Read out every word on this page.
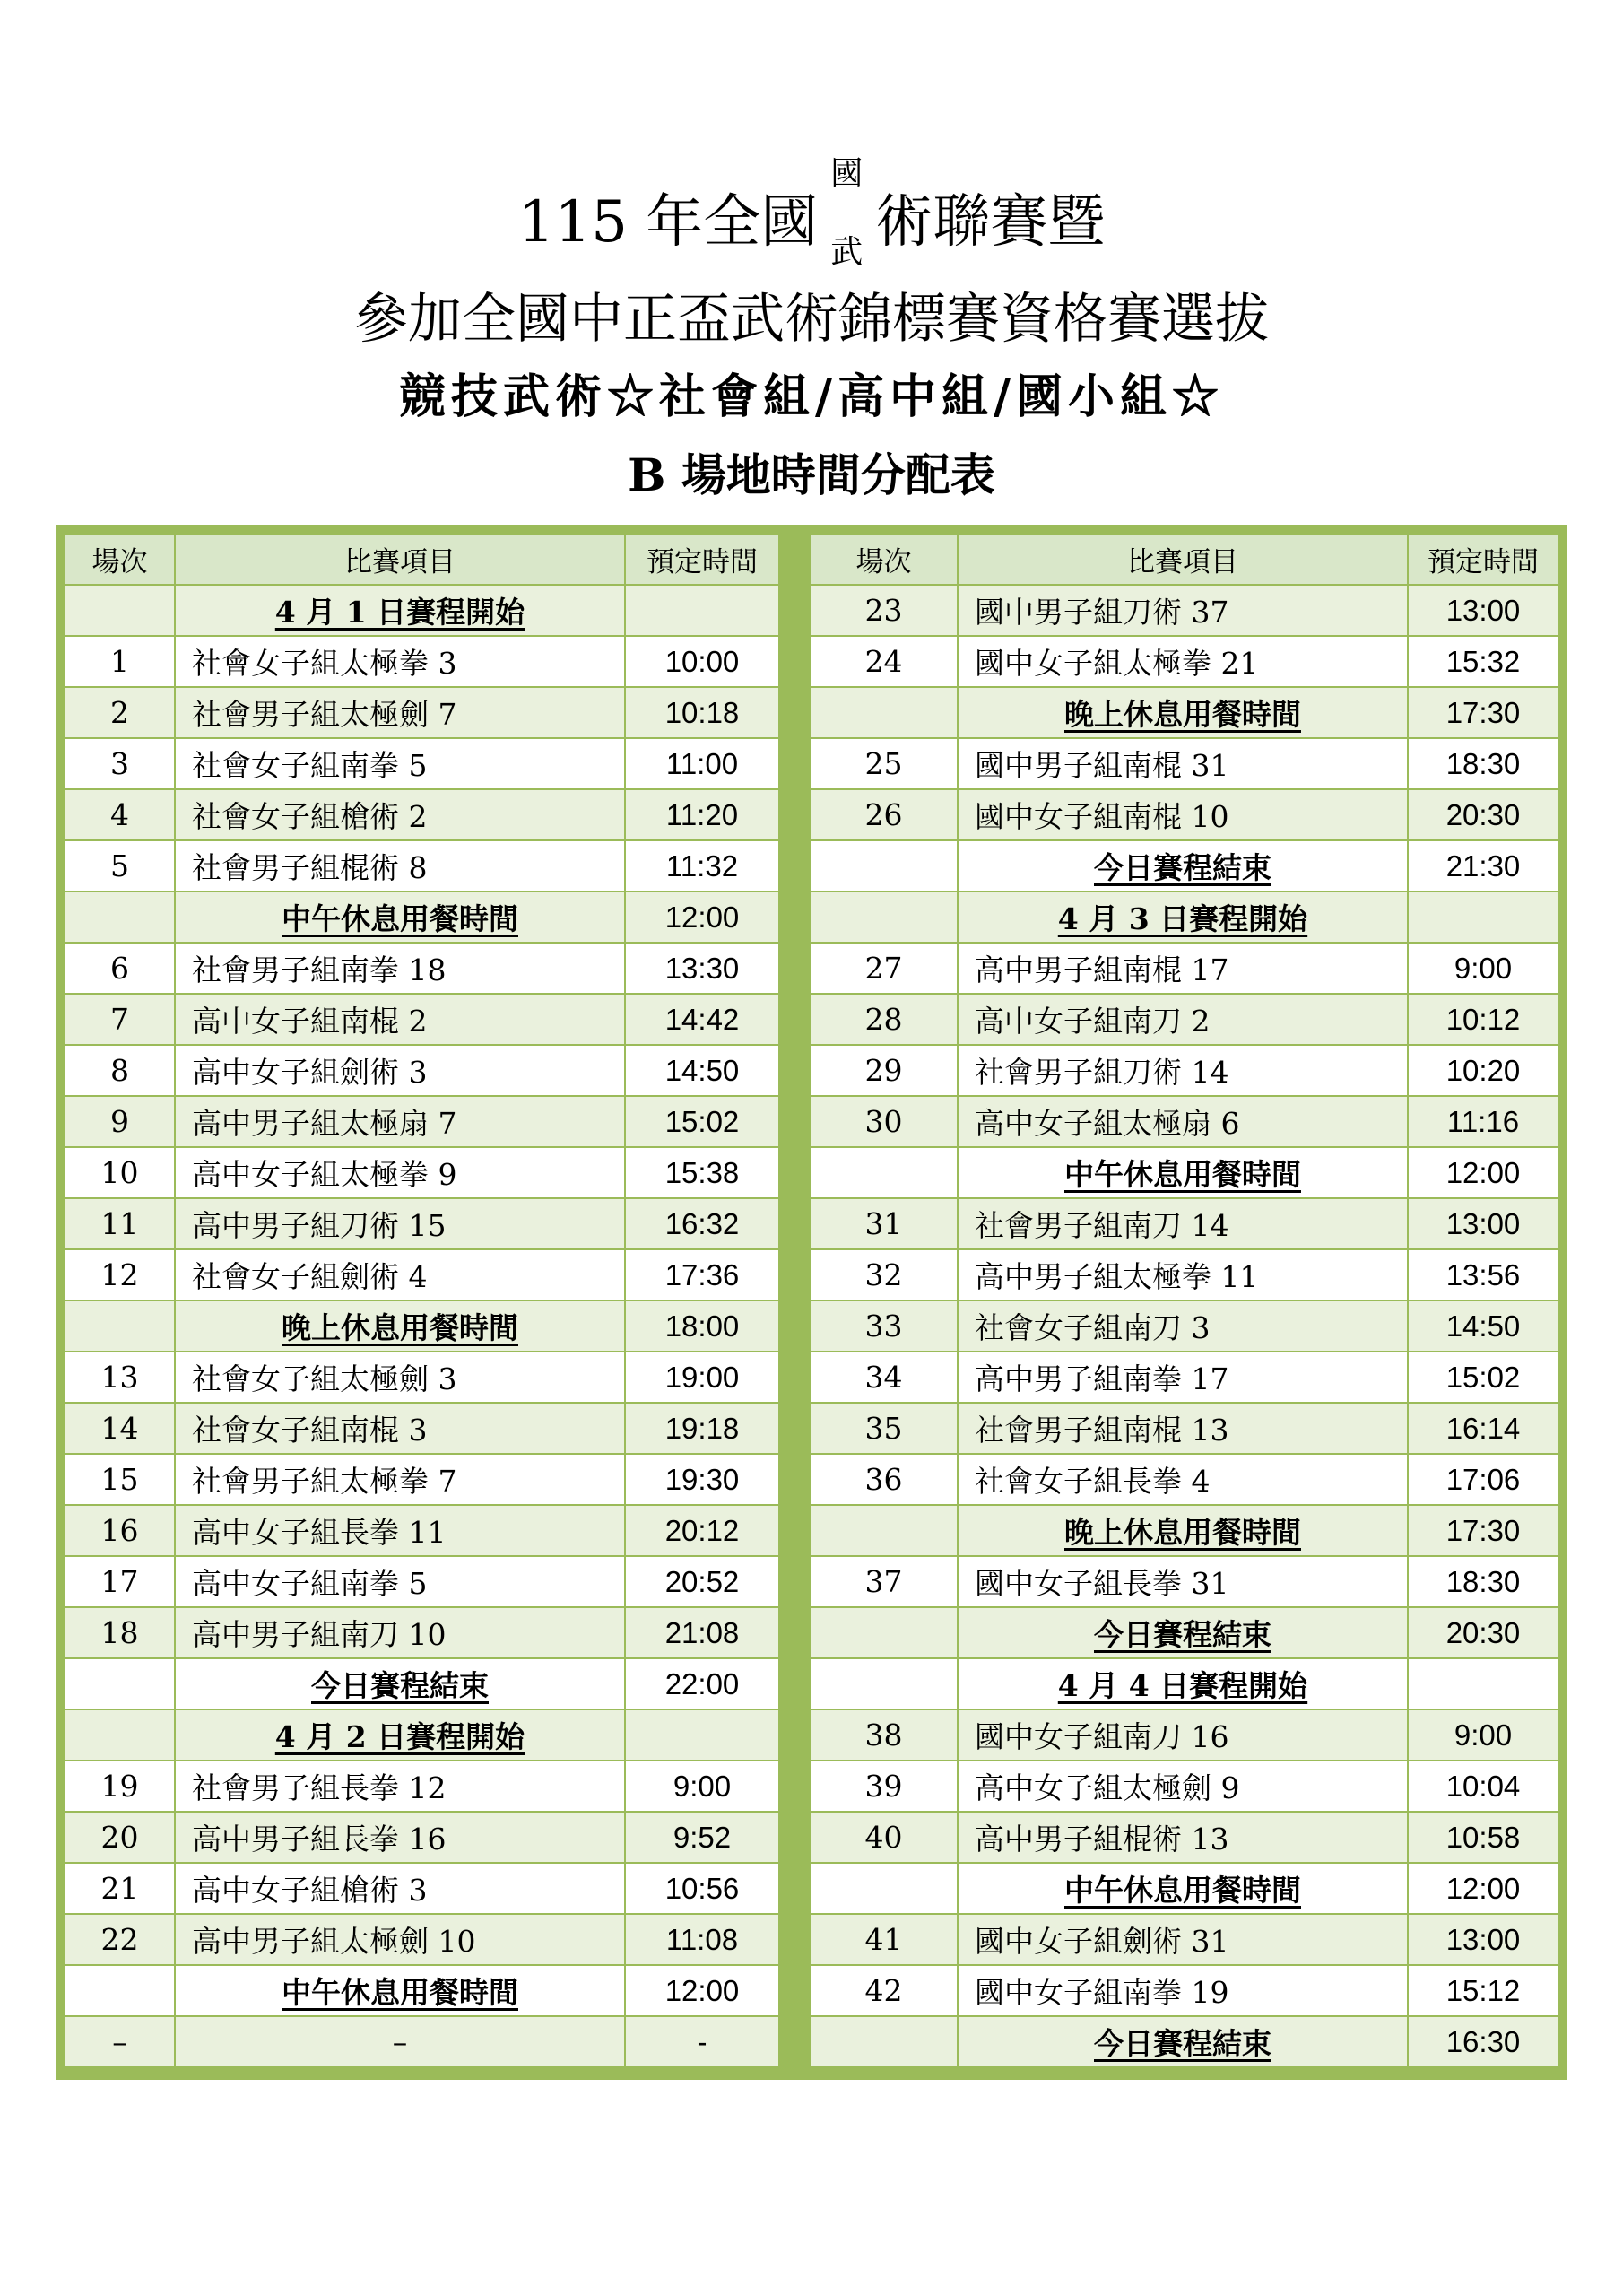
115 年全國
國
武 術聯賽暨
參加全國中正盃武術錦標賽資格賽選拔
競技武術☆社會組/高中組/國小組☆
B 場地時間分配表
場次	比賽項目	預定時間
	4 月 1 日賽程開始	
1	社會女子組太極拳 3	10:00
2	社會男子組太極劍 7	10:18
3	社會女子組南拳 5	11:00
4	社會女子組槍術 2	11:20
5	社會男子組棍術 8	11:32
	中午休息用餐時間	12:00
6	社會男子組南拳 18	13:30
7	高中女子組南棍 2	14:42
8	高中女子組劍術 3	14:50
9	高中男子組太極扇 7	15:02
10	高中女子組太極拳 9	15:38
11	高中男子組刀術 15	16:32
12	社會女子組劍術 4	17:36
	晚上休息用餐時間	18:00
13	社會女子組太極劍 3	19:00
14	社會女子組南棍 3	19:18
15	社會男子組太極拳 7	19:30
16	高中女子組長拳 11	20:12
17	高中女子組南拳 5	20:52
18	高中男子組南刀 10	21:08
	今日賽程結束	22:00
	4 月 2 日賽程開始	
19	社會男子組長拳 12	9:00
20	高中男子組長拳 16	9:52
21	高中女子組槍術 3	10:56
22	高中男子組太極劍 10	11:08
	中午休息用餐時間	12:00
–	–	-
場次	比賽項目	預定時間
23	國中男子組刀術 37	13:00
24	國中女子組太極拳 21	15:32
	晚上休息用餐時間	17:30
25	國中男子組南棍 31	18:30
26	國中女子組南棍 10	20:30
	今日賽程結束	21:30
	4 月 3 日賽程開始	
27	高中男子組南棍 17	9:00
28	高中女子組南刀 2	10:12
29	社會男子組刀術 14	10:20
30	高中女子組太極扇 6	11:16
	中午休息用餐時間	12:00
31	社會男子組南刀 14	13:00
32	高中男子組太極拳 11	13:56
33	社會女子組南刀 3	14:50
34	高中男子組南拳 17	15:02
35	社會男子組南棍 13	16:14
36	社會女子組長拳 4	17:06
	晚上休息用餐時間	17:30
37	國中女子組長拳 31	18:30
	今日賽程結束	20:30
	4 月 4 日賽程開始	
38	國中女子組南刀 16	9:00
39	高中女子組太極劍 9	10:04
40	高中男子組棍術 13	10:58
	中午休息用餐時間	12:00
41	國中女子組劍術 31	13:00
42	國中女子組南拳 19	15:12
	今日賽程結束	16:30
